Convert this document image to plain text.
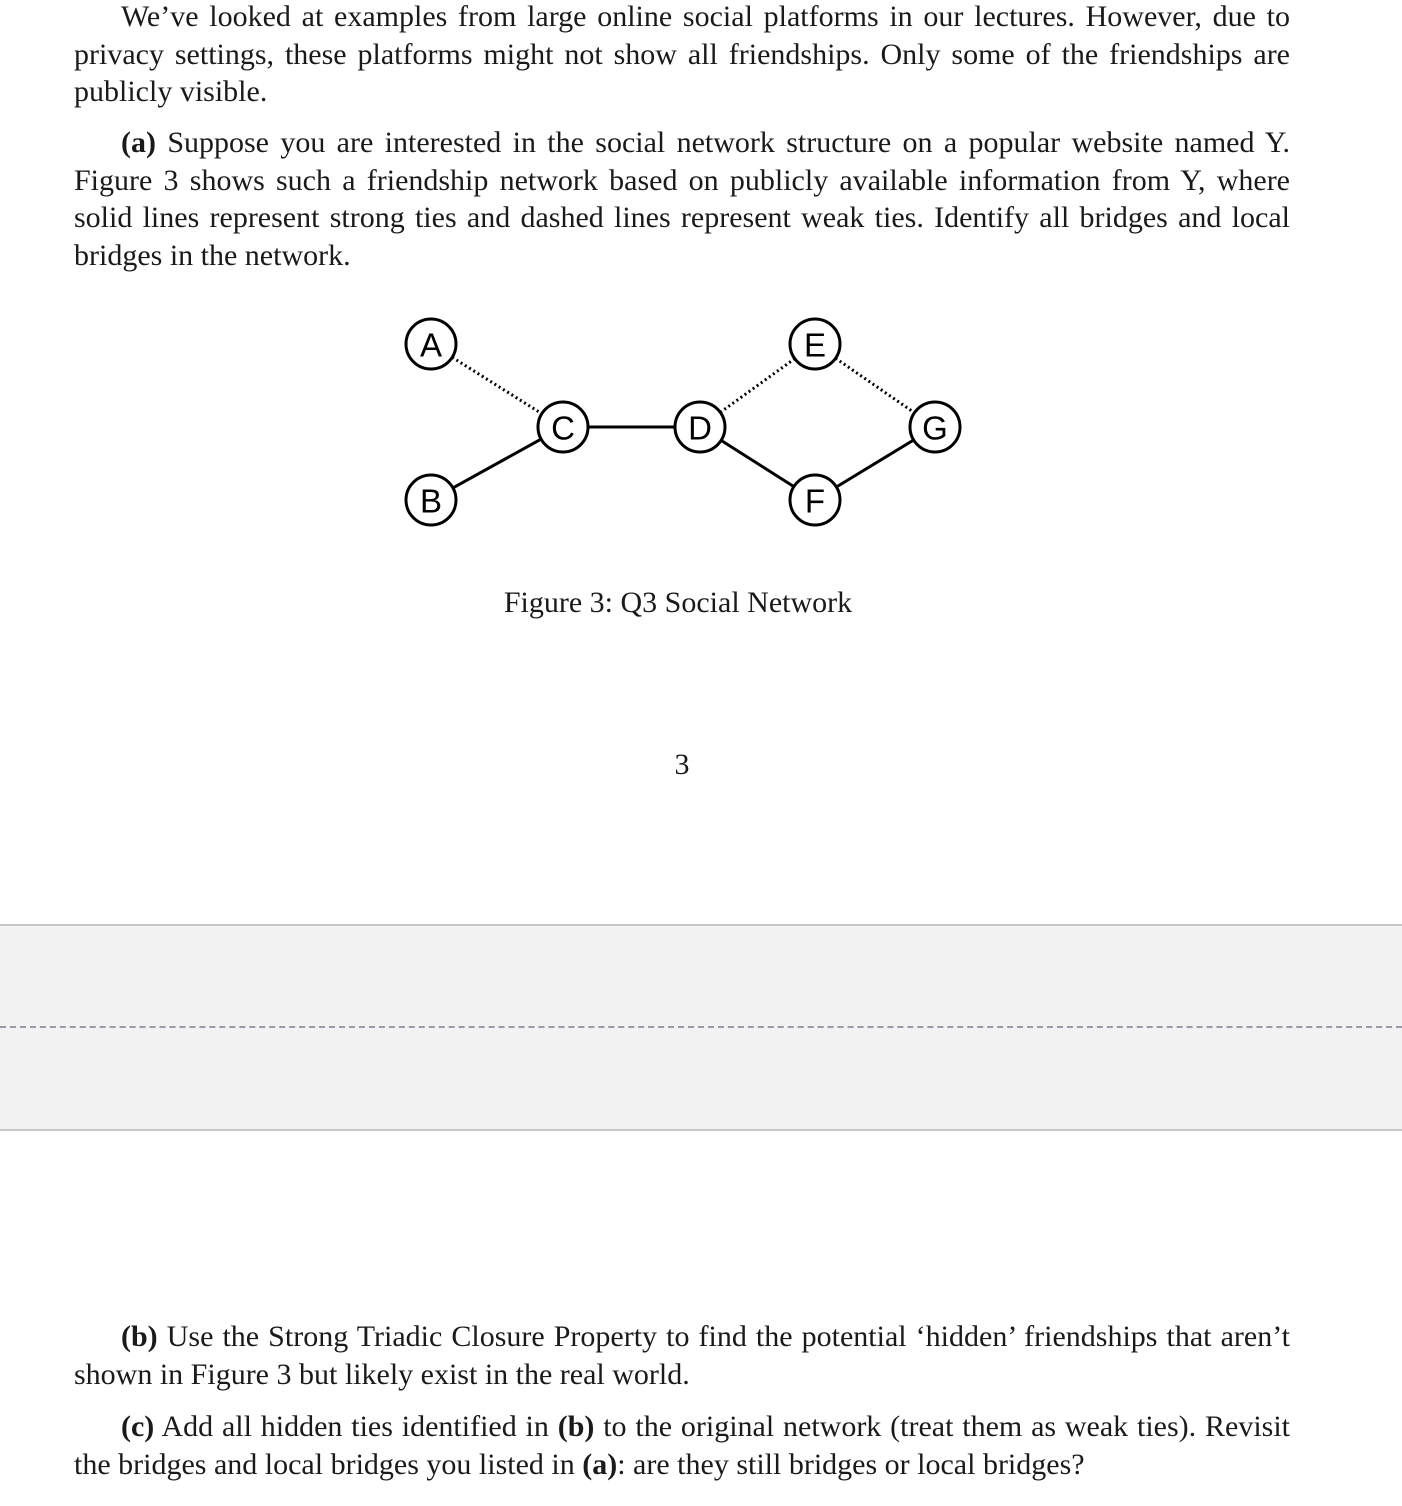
We’ve looked at examples from large online social platforms in our lectures. However, due to privacy settings, these platforms might not show all friendships. Only some of the friendships are publicly visible.

(a) Suppose you are interested in the social network structure on a popular website named Y. Figure 3 shows such a friendship network based on publicly available information from Y, where solid lines represent strong ties and dashed lines represent weak ties. Identify all bridges and local bridges in the network.

A
B
C	D
E
F
G
Figure 3: Q3 Social Network
3

(b) Use the Strong Triadic Closure Property to find the potential ‘hidden’ friendships that aren’t shown in Figure 3 but likely exist in the real world.

(c) Add all hidden ties identified in (b) to the original network (treat them as weak ties). Revisit the bridges and local bridges you listed in (a): are they still bridges or local bridges?
